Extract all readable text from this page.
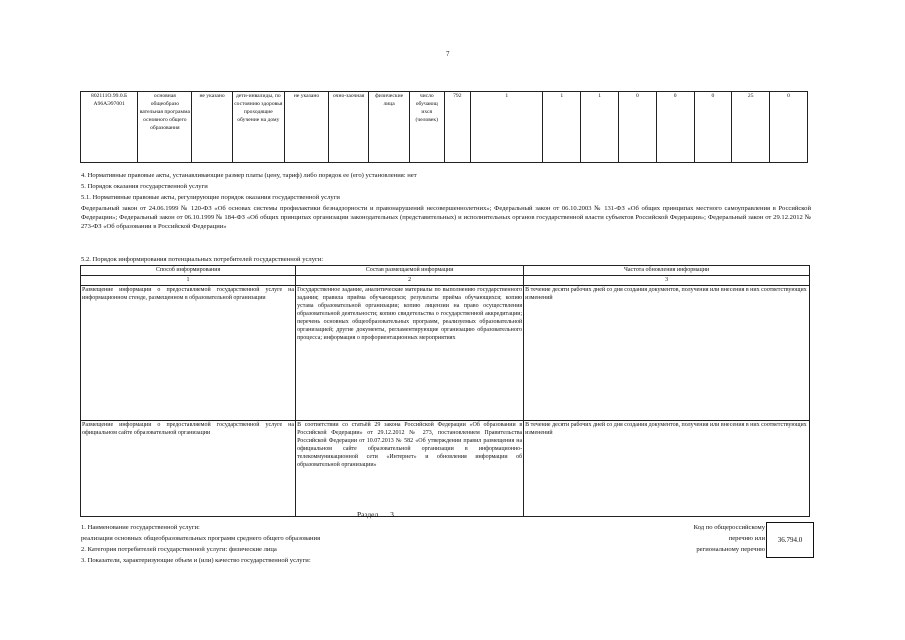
7
802111О.99.0.Б А96АЭ97001	основная общеобразо вательная программа основного общего образования	не указано	дети-инвалиды, по состоянию здоровья проходящие обучение на дому	не указано	очно-заочная	физические лица	число обучающ ихся (человек)	792	1	1	1	0	0	0	25	0
4. Нормативные правовые акты, устанавливающие размер платы (цену, тариф) либо порядок ее (его) установления: нет
5. Порядок оказания государственной услуги
5.1. Нормативные правовые акты, регулирующие порядок оказания государственной услуги
Федеральный закон от 24.06.1999 № 120-ФЗ «Об основах системы профилактики безнадзорности и правонарушений несовершеннолетних»; Федеральный закон от 06.10.2003 № 131-ФЗ «Об общих принципах местного самоуправления в Российской Федерации»; Федеральный закон от 06.10.1999 № 184-ФЗ «Об общих принципах организации законодательных (представительных) и исполнительных органов государственной власти субъектов Российской Федерации»; Федеральный закон от 29.12.2012 № 273-ФЗ «Об образовании в Российской Федерации»
5.2. Порядок информирования потенциальных потребителей государственной услуги:
Способ информирования	Состав размещаемой информации	Частота обновления информации
1	2	3
Размещение информации о предоставляемой государственной услуге на информационном стенде, размещенном в образовательной организации	Государственное задание, аналитические материалы по выполнению государственного задания; правила приёма обучающихся; результаты приёма обучающихся; копию устава образовательной организации; копию лицензии на право осуществления образовательной деятельности; копию свидетельства о государственной аккредитации; перечень основных общеобразовательных программ, реализуемых образовательной организацией; другие документы, регламентирующие организацию образовательного процесса; информация о профориентационных мероприятиях	В течение десяти рабочих дней со дня создания документов, получения или внесения в них соответствующих изменений
Размещение информации о предоставляемой государственной услуге на официальном сайте образовательной организации	В соответствии со статьёй 29 закона Российской Федерации «Об образовании в Российской Федерации» от 29.12.2012 № 273, постановлением Правительства Российской Федерации от 10.07.2013 № 582 «Об утверждении правил размещения на официальном сайте образовательной организации в информационно-телекоммуникационной сети «Интернет» и обновления информации об образовательной организации»	В течение десяти рабочих дней со дня создания документов, получения или внесения в них соответствующих изменений
Раздел 3
1. Наименование государственной услуги:
реализация основных общеобразовательных программ среднего общего образования
2. Категория потребителей государственной услуги: физические лица
3. Показатели, характеризующие объем и (или) качество государственной услуги:
Код по общероссийскому
перечню или
региональному перечню
36.794.0
